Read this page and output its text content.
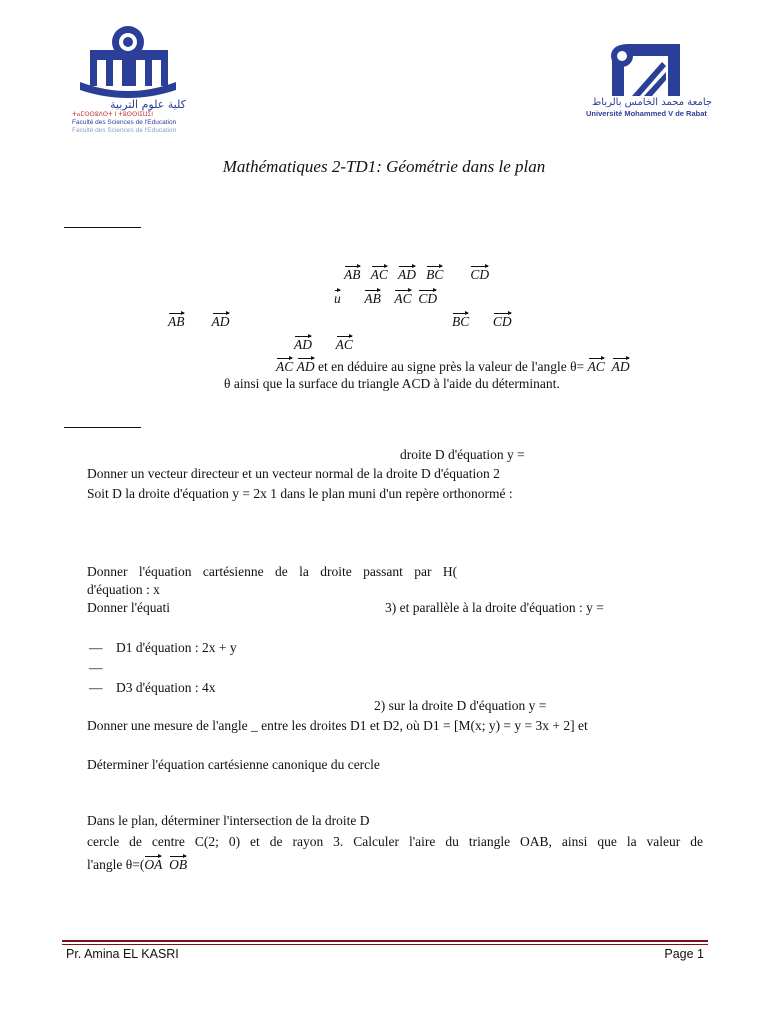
كلية علوم التربية
ⵜⴰⵎⵙⵙⵓⴷⵙⵜ ⵏ ⵜⵓⵙⵙⵏⵉⵡⵉⵏ
Faculté des Sciences de l'Education
Faculté des Sciences de l'Education
جامعة محمد الخامس بالرباط
Université Mohammed V de Rabat
Mathématiques 2-TD1: Géométrie dans le plan
AB AC AD BC CD
u AB AC CD
AB AD	BC CD
AD AC
AC AD et en déduire au signe près la valeur de l'angle θ= AC AD
θ ainsi que la surface du triangle ACD à l'aide du déterminant.
droite D d'équation y =
Donner un vecteur directeur et un vecteur normal de la droite D d'équation 2
Soit D la droite d'équation y = 2x 1 dans le plan muni d'un repère orthonormé :
Donner l'équation cartésienne de la droite passant par H(
d'équation : x
Donner l'équati	3) et parallèle à la droite d'équation : y =
— D1 d'équation : 2x + y
—
— D3 d'équation : 4x
2) sur la droite D d'équation y =
Donner une mesure de l'angle _ entre les droites D1 et D2, où D1 = [M(x; y) = y = 3x + 2] et
Déterminer l'équation cartésienne canonique du cercle
Dans le plan, déterminer l'intersection de la droite D
cercle de centre C(2; 0) et de rayon 3. Calculer l'aire du triangle OAB, ainsi que la valeur de
l'angle θ=(OA OB
Pr. Amina EL KASRI	Page 1
